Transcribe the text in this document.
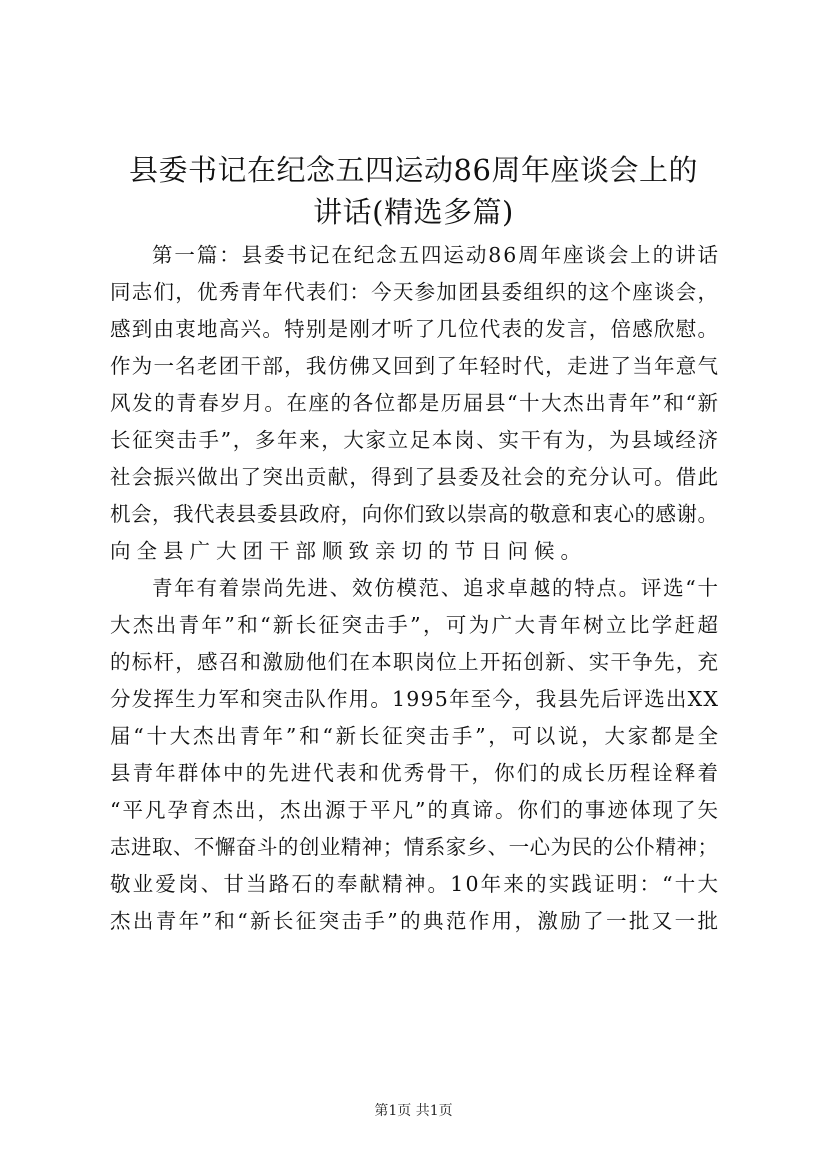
县委书记在纪念五四运动86周年座谈会上的
讲话(精选多篇)
第一篇：县委书记在纪念五四运动86周年座谈会上的讲话
同志们，优秀青年代表们：今天参加团县委组织的这个座谈会，
感到由衷地高兴。特别是刚才听了几位代表的发言，倍感欣慰。
作为一名老团干部，我仿佛又回到了年轻时代，走进了当年意气
风发的青春岁月。在座的各位都是历届县“十大杰出青年”和“新
长征突击手”，多年来，大家立足本岗、实干有为，为县域经济
社会振兴做出了突出贡献，得到了县委及社会的充分认可。借此
机会，我代表县委县政府，向你们致以崇高的敬意和衷心的感谢。
向全县广大团干部顺致亲切的节日问候。
青年有着崇尚先进、效仿模范、追求卓越的特点。评选“十
大杰出青年”和“新长征突击手”，可为广大青年树立比学赶超
的标杆，感召和激励他们在本职岗位上开拓创新、实干争先，充
分发挥生力军和突击队作用。1995年至今，我县先后评选出XX
届“十大杰出青年”和“新长征突击手”，可以说，大家都是全
县青年群体中的先进代表和优秀骨干，你们的成长历程诠释着
“平凡孕育杰出，杰出源于平凡”的真谛。你们的事迹体现了矢
志进取、不懈奋斗的创业精神；情系家乡、一心为民的公仆精神；
敬业爱岗、甘当路石的奉献精神。10年来的实践证明：“十大
杰出青年”和“新长征突击手”的典范作用，激励了一批又一批
第1页 共1页
